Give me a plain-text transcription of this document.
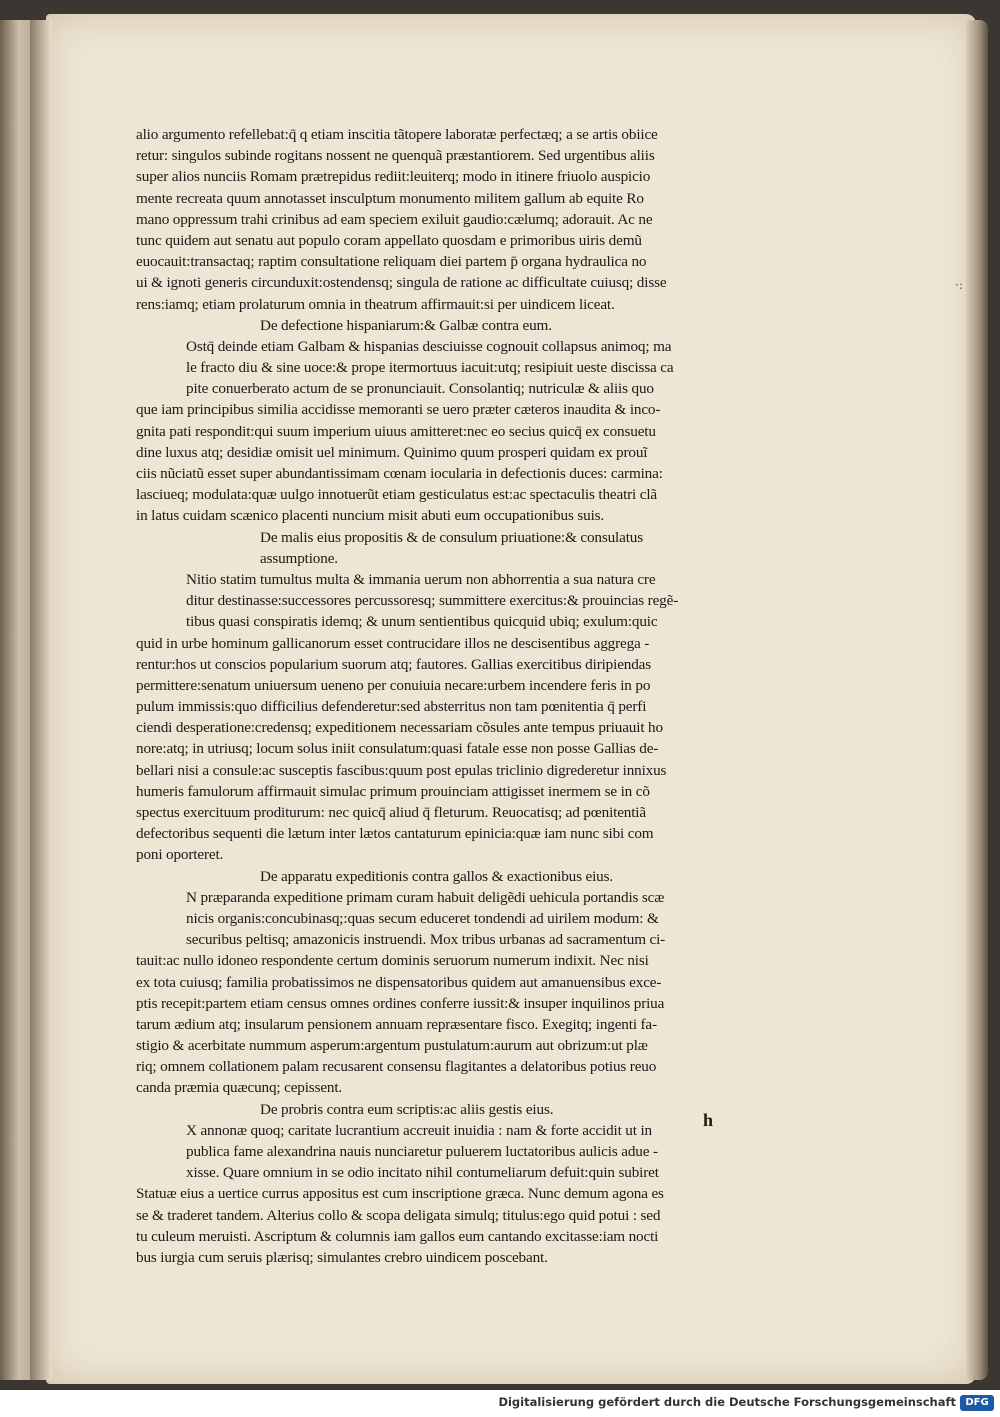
·:
alio argumento refellebat:q̄ q etiam inscitia tãtopere laboratæ perfectæq; a se artis obiice
retur: singulos subinde rogitans nossent ne quenquã præstantiorem. Sed urgentibus aliis
super alios nunciis Romam prætrepidus rediit:leuiterq; modo in itinere friuolo auspicio
mente recreata quum annotasset insculptum monumento militem gallum ab equite Ro
mano oppressum trahi crinibus ad eam speciem exiluit gaudio:cælumq; adorauit. Ac ne
tunc quidem aut senatu aut populo coram appellato quosdam e primoribus uiris demũ
euocauit:transactaq; raptim consultatione reliquam diei partem p̄ organa hydraulica no
ui & ignoti generis circunduxit:ostendensq; singula de ratione ac difficultate cuiusq; disse
rens:iamq; etiam prolaturum omnia in theatrum affirmauit:si per uindicem liceat.
De defectione hispaniarum:& Galbæ contra eum.
Ostq̄ deinde etiam Galbam & hispanias desciuisse cognouit collapsus animoq; ma
le fracto diu & sine uoce:& prope itermortuus iacuit:utq; resipiuit ueste discissa ca
pite conuerberato actum de se pronunciauit. Consolantiq; nutriculæ & aliis quo
que iam principibus similia accidisse memoranti se uero præter cæteros inaudita & inco-
gnita pati respondit:qui suum imperium uiuus amitteret:nec eo secius quicq̄ ex consuetu
dine luxus atq; desidiæ omisit uel minimum. Quinimo quum prosperi quidam ex prouĩ
ciis nũciatũ esset super abundantissimam cœnam iocularia in defectionis duces: carmina:
lasciueq; modulata:quæ uulgo innotuerũt etiam gesticulatus est:ac spectaculis theatri clã
in latus cuidam scænico placenti nuncium misit abuti eum occupationibus suis.
De malis eius propositis & de consulum priuatione:& consulatus
assumptione.
Nitio statim tumultus multa & immania uerum non abhorrentia a sua natura cre
ditur destinasse:successores percussoresq; summittere exercitus:& prouincias regẽ-
tibus quasi conspiratis idemq; & unum sentientibus quicquid ubiq; exulum:quic
quid in urbe hominum gallicanorum esset contrucidare illos ne descisentibus aggrega -
rentur:hos ut conscios popularium suorum atq; fautores. Gallias exercitibus diripiendas
permittere:senatum uniuersum ueneno per conuiuia necare:urbem incendere feris in po
pulum immissis:quo difficilius defenderetur:sed absterritus non tam pœnitentia q̄ perfi
ciendi desperatione:credensq; expeditionem necessariam cõsules ante tempus priuauit ho
nore:atq; in utriusq; locum solus iniit consulatum:quasi fatale esse non posse Gallias de-
bellari nisi a consule:ac susceptis fascibus:quum post epulas triclinio digrederetur innixus
humeris famulorum affirmauit simulac primum prouinciam attigisset inermem se in cõ
spectus exercituum proditurum: nec quicq̄ aliud q̄ fleturum. Reuocatisq; ad pœnitentiã
defectoribus sequenti die lætum inter lætos cantaturum epinicia:quæ iam nunc sibi com
poni oporteret.
De apparatu expeditionis contra gallos & exactionibus eius.
N præparanda expeditione primam curam habuit deligẽdi uehicula portandis scæ
nicis organis:concubinasq;:quas secum educeret tondendi ad uirilem modum: &
securibus peltisq; amazonicis instruendi. Mox tribus urbanas ad sacramentum ci-
tauit:ac nullo idoneo respondente certum dominis seruorum numerum indixit. Nec nisi
ex tota cuiusq; familia probatissimos ne dispensatoribus quidem aut amanuensibus exce-
ptis recepit:partem etiam census omnes ordines conferre iussit:& insuper inquilinos priua
tarum ædium atq; insularum pensionem annuam repræsentare fisco. Exegitq; ingenti fa-
stigio & acerbitate nummum asperum:argentum pustulatum:aurum aut obrizum:ut plæ
riq; omnem collationem palam recusarent consensu flagitantes a delatoribus potius reuo
canda præmia quæcunq; cepissent.
De probris contra eum scriptis:ac aliis gestis eius.
X annonæ quoq; caritate lucrantium accreuit inuidia : nam & forte accidit ut in
publica fame alexandrina nauis nunciaretur puluerem luctatoribus aulicis adue -
xisse. Quare omnium in se odio incitato nihil contumeliarum defuit:quin subiret
Statuæ eius a uertice currus appositus est cum inscriptione græca. Nunc demum agona es
se & traderet tandem. Alterius collo & scopa deligata simulq; titulus:ego quid potui : sed
tu culeum meruisti. Ascriptum & columnis iam gallos eum cantando excitasse:iam nocti
bus iurgia cum seruis plærisq; simulantes crebro uindicem poscebant.
h
Digitalisierung gefördert durch die Deutsche Forschungsgemeinschaft DFG
